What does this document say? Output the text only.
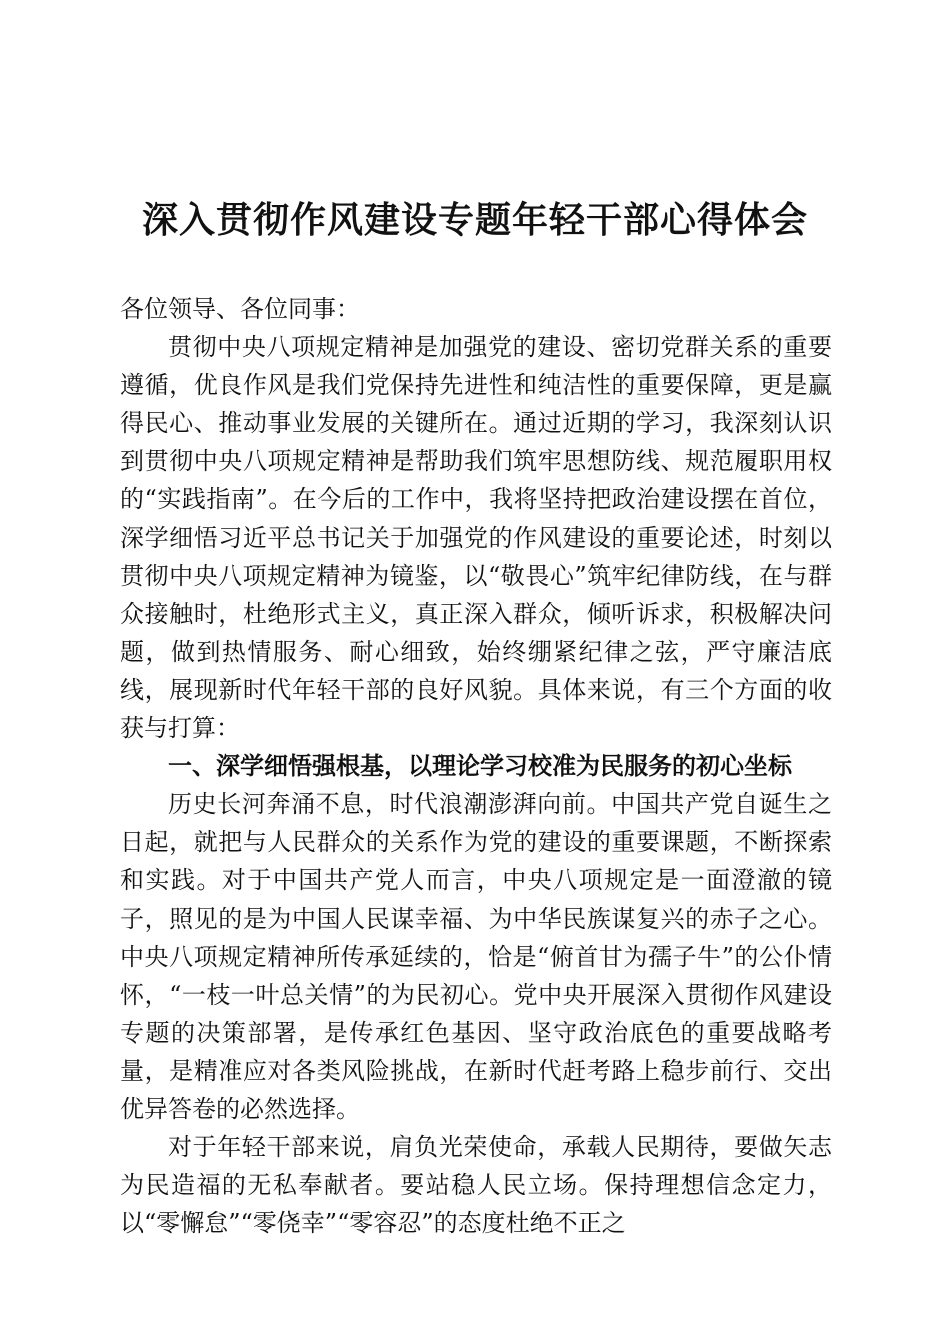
深入贯彻作风建设专题年轻干部心得体会

各位领导、各位同事：

贯彻中央八项规定精神是加强党的建设、密切党群关系的重要遵循，优良作风是我们党保持先进性和纯洁性的重要保障，更是赢得民心、推动事业发展的关键所在。通过近期的学习，我深刻认识到贯彻中央八项规定精神是帮助我们筑牢思想防线、规范履职用权的“实践指南”。在今后的工作中，我将坚持把政治建设摆在首位，深学细悟习近平总书记关于加强党的作风建设的重要论述，时刻以贯彻中央八项规定精神为镜鉴，以“敬畏心”筑牢纪律防线，在与群众接触时，杜绝形式主义，真正深入群众，倾听诉求，积极解决问题，做到热情服务、耐心细致，始终绷紧纪律之弦，严守廉洁底线，展现新时代年轻干部的良好风貌。具体来说，有三个方面的收获与打算：

一、深学细悟强根基，以理论学习校准为民服务的初心坐标

历史长河奔涌不息，时代浪潮澎湃向前。中国共产党自诞生之日起，就把与人民群众的关系作为党的建设的重要课题，不断探索和实践。对于中国共产党人而言，中央八项规定是一面澄澈的镜子，照见的是为中国人民谋幸福、为中华民族谋复兴的赤子之心。中央八项规定精神所传承延续的，恰是“俯首甘为孺子牛”的公仆情怀，“一枝一叶总关情”的为民初心。党中央开展深入贯彻作风建设专题的决策部署，是传承红色基因、坚守政治底色的重要战略考量，是精准应对各类风险挑战，在新时代赶考路上稳步前行、交出优异答卷的必然选择。

对于年轻干部来说，肩负光荣使命，承载人民期待，要做矢志为民造福的无私奉献者。要站稳人民立场。保持理想信念定力，以“零懈怠”“零侥幸”“零容忍”的态度杜绝不正之
